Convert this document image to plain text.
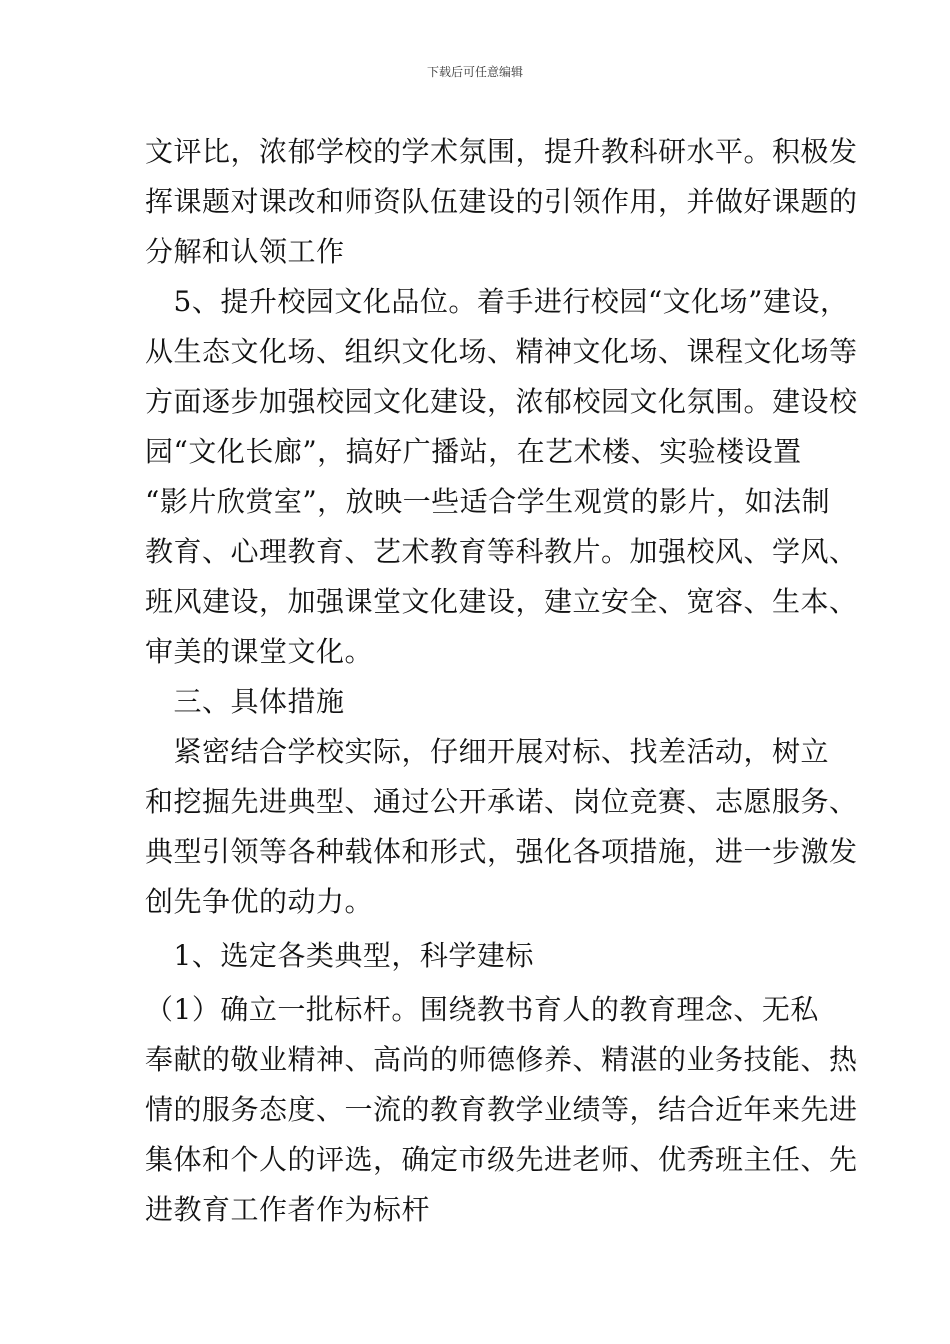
下载后可任意编辑
文评比，浓郁学校的学术氛围，提升教科研水平。积极发
挥课题对课改和师资队伍建设的引领作用，并做好课题的
分解和认领工作
　5、提升校园文化品位。着手进行校园“文化场”建设，
从生态文化场、组织文化场、精神文化场、课程文化场等
方面逐步加强校园文化建设，浓郁校园文化氛围。建设校
园“文化长廊”，搞好广播站，在艺术楼、实验楼设置
“影片欣赏室”，放映一些适合学生观赏的影片，如法制
教育、心理教育、艺术教育等科教片。加强校风、学风、
班风建设，加强课堂文化建设，建立安全、宽容、生本、
审美的课堂文化。
　三、具体措施
　紧密结合学校实际，仔细开展对标、找差活动，树立
和挖掘先进典型、通过公开承诺、岗位竞赛、志愿服务、
典型引领等各种载体和形式，强化各项措施，进一步激发
创先争优的动力。
　1、选定各类典型，科学建标
（1）确立一批标杆。围绕教书育人的教育理念、无私
奉献的敬业精神、高尚的师德修养、精湛的业务技能、热
情的服务态度、一流的教育教学业绩等，结合近年来先进
集体和个人的评选，确定市级先进老师、优秀班主任、先
进教育工作者作为标杆
